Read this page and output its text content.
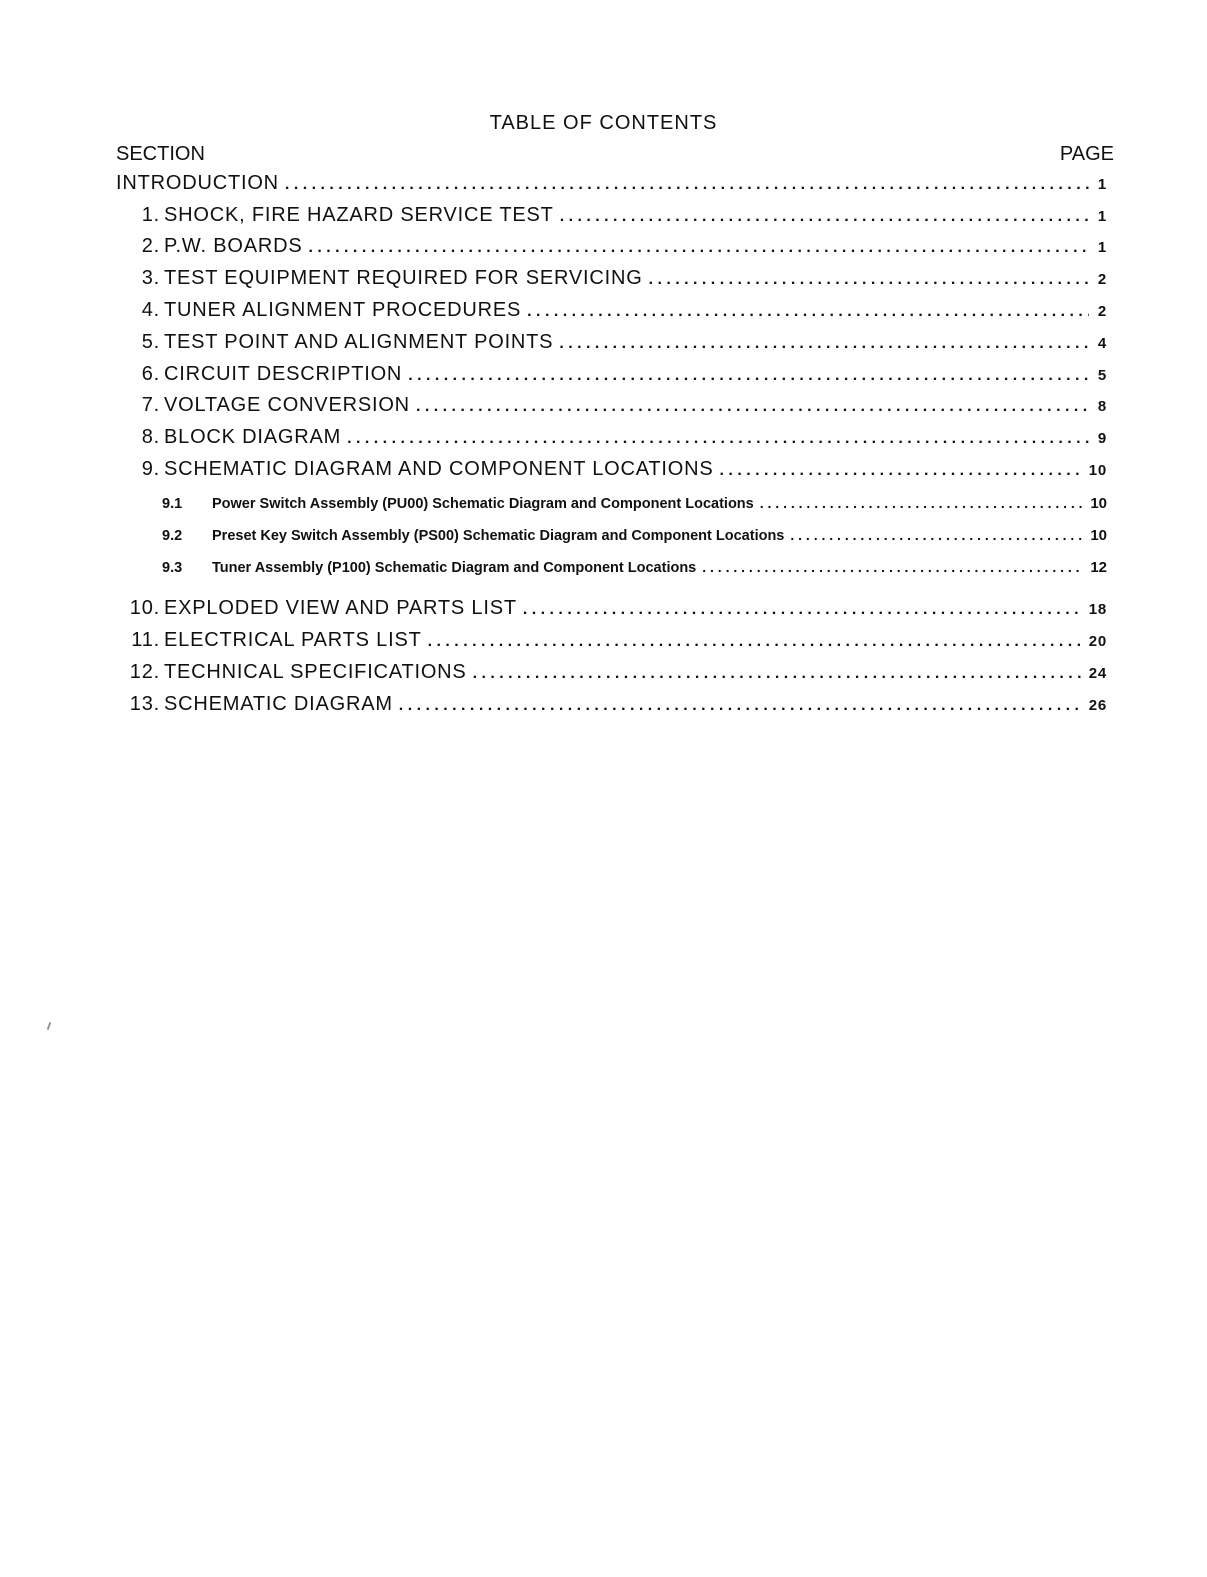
TABLE OF CONTENTS
SECTION	PAGE
INTRODUCTION . . .	1
1. SHOCK, FIRE HAZARD SERVICE TEST . . .	1
2. P.W. BOARDS . . .	1
3. TEST EQUIPMENT REQUIRED FOR SERVICING . . .	2
4. TUNER ALIGNMENT PROCEDURES . . .	2
5. TEST POINT AND ALIGNMENT POINTS . . .	4
6. CIRCUIT DESCRIPTION . . .	5
7. VOLTAGE CONVERSION . . .	8
8. BLOCK DIAGRAM . . .	9
9. SCHEMATIC DIAGRAM AND COMPONENT LOCATIONS . . .	10
9.1	Power Switch Assembly (PU00) Schematic Diagram and Component Locations . . .	10
9.2	Preset Key Switch Assembly (PS00) Schematic Diagram and Component Locations . . .	10
9.3	Tuner Assembly (P100) Schematic Diagram and Component Locations . . .	12
10. EXPLODED VIEW AND PARTS LIST . . .	18
11. ELECTRICAL PARTS LIST . . .	20
12. TECHNICAL SPECIFICATIONS . . .	24
13. SCHEMATIC DIAGRAM . . .	26
